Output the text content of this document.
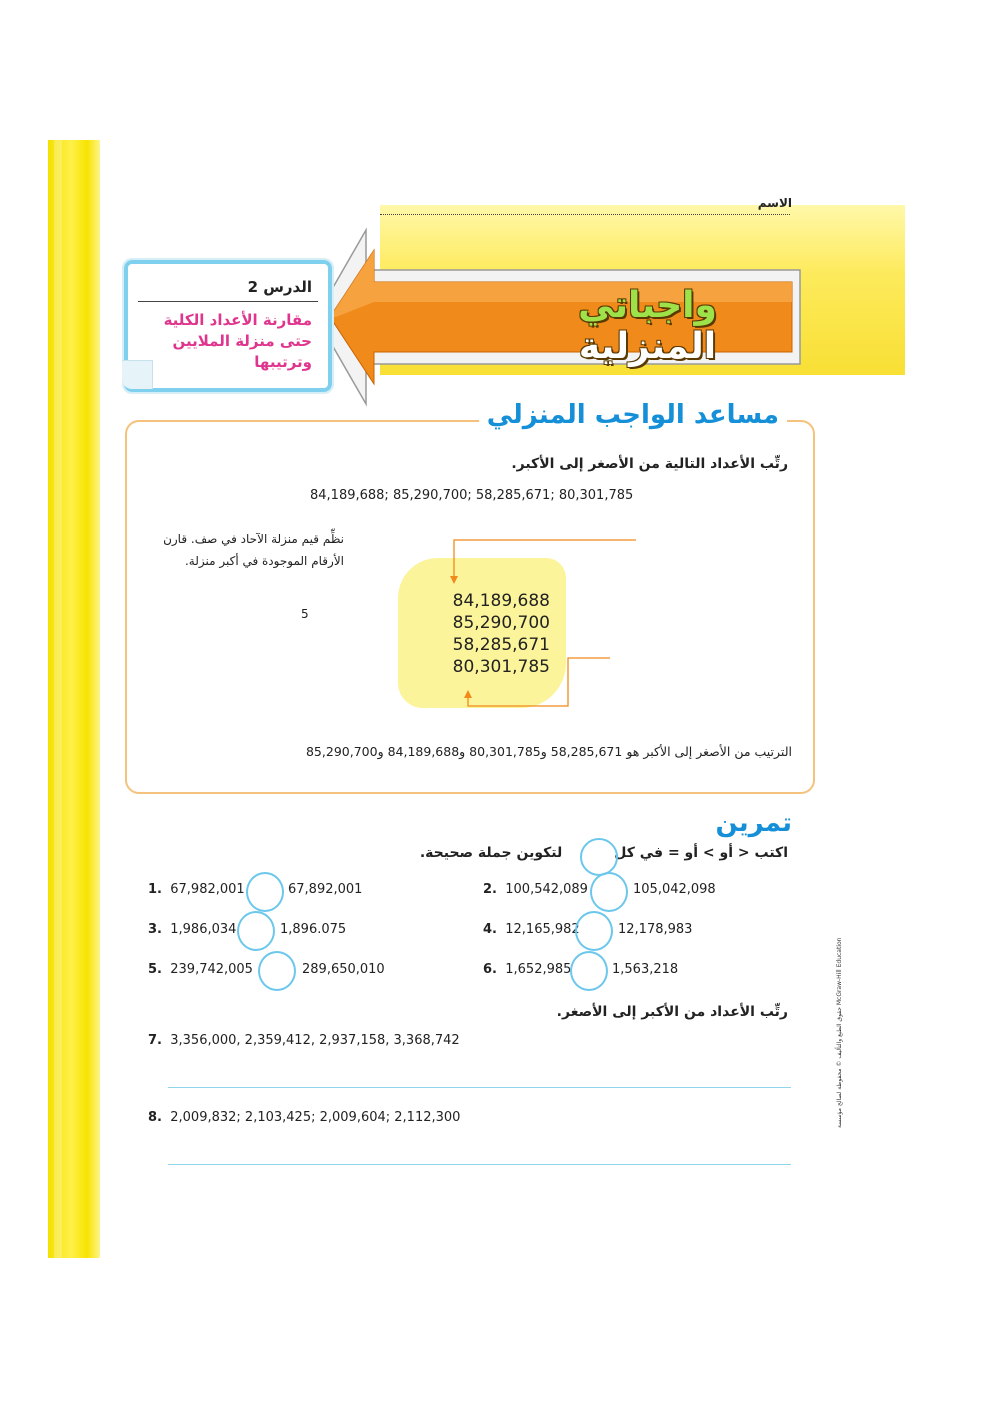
الاسم
واجباتي المنزلية
الدرس 2
مقارنة الأعداد الكلية حتى منزلة الملايين وترتيبها
مساعد الواجب المنزلي
رتِّب الأعداد التالية من الأصغر إلى الأكبر.
84,189,688; 85,290,700; 58,285,671; 80,301,785
نظِّم قيم منزلة الآحاد في صف. قارن الأرقام الموجودة في أكبر منزلة.
5
84,189,688
85,290,700
58,285,671
80,301,785
الترتيب من الأصغر إلى الأكبر هو 58,285,671 و80,301,785 و84,189,688 و85,290,700
تمرين
اكتب < أو > أو = في كللتكوين جملة صحيحة.
1. 67,982,001	67,892,001	2. 100,542,089	105,042,098
3. 1,986,034	1,896.075	4. 12,165,982	12,178,983
5. 239,742,005	289,650,010	6. 1,652,985	1,563,218
رتِّب الأعداد من الأكبر إلى الأصغر.
7. 3,356,000, 2,359,412, 2,937,158, 3,368,742
8. 2,009,832; 2,103,425; 2,009,604; 2,112,300	حقوق الطبع والتأليف © محفوظة لصالح مؤسسة McGraw-Hill Education
